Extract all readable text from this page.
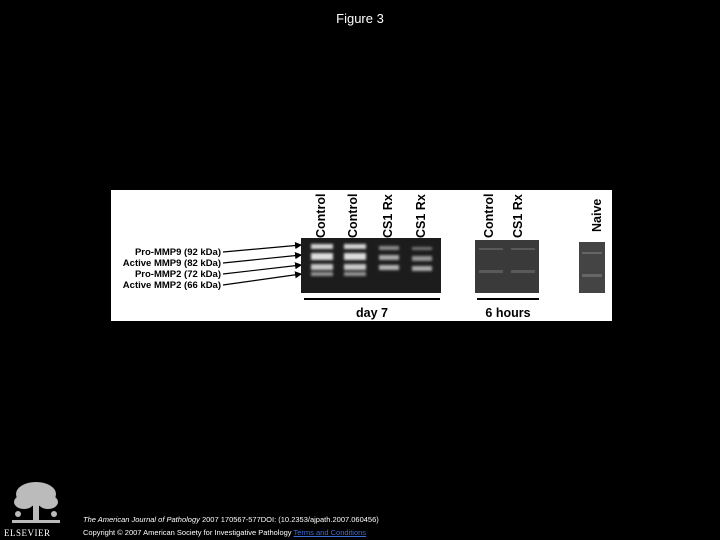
Figure 3
Control Control CS1 Rx CS1 Rx	Control CS1 Rx	Naive
Pro-MMP9 (92 kDa)
Active MMP9 (82 kDa)
Pro-MMP2 (72 kDa)
Active MMP2 (66 kDa)
day 7	6 hours
ELSEVIER
The American Journal of Pathology 2007 170567-577DOI: (10.2353/ajpath.2007.060456)
Copyright © 2007 American Society for Investigative Pathology Terms and Conditions
